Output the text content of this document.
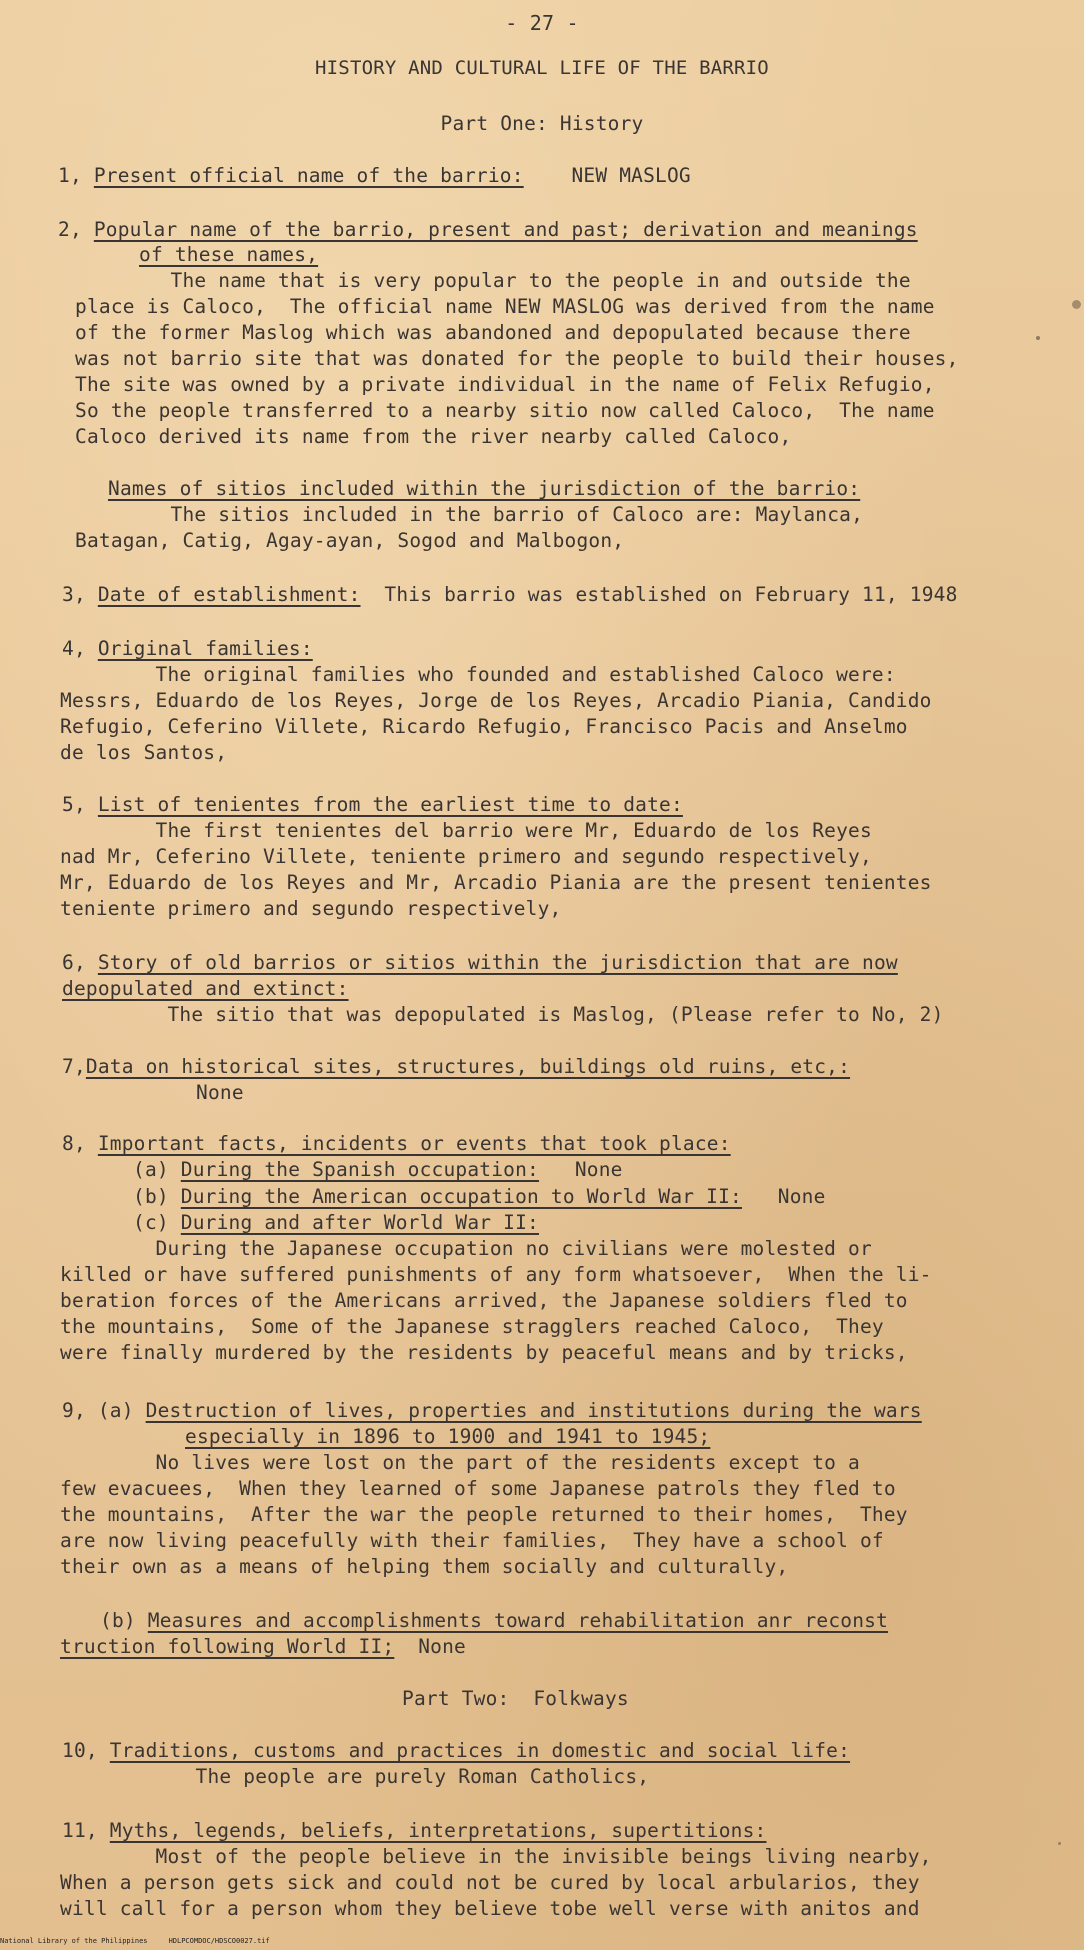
- 27 -
HISTORY AND CULTURAL LIFE OF THE BARRIO
Part One: History
1, Present official name of the barrio: NEW MASLOG
2, Popular name of the barrio, present and past; derivation and meanings
of these names,
The name that is very popular to the people in and outside the
place is Caloco,  The official name NEW MASLOG was derived from the name
of the former Maslog which was abandoned and depopulated because there
was not barrio site that was donated for the people to build their houses,
The site was owned by a private individual in the name of Felix Refugio,
So the people transferred to a nearby sitio now called Caloco,  The name
Caloco derived its name from the river nearby called Caloco,
Names of sitios included within the jurisdiction of the barrio:
The sitios included in the barrio of Caloco are: Maylanca,
Batagan, Catig, Agay-ayan, Sogod and Malbogon,
3, Date of establishment: This barrio was established on February 11, 1948
4, Original families:
The original families who founded and established Caloco were:
Messrs, Eduardo de los Reyes, Jorge de los Reyes, Arcadio Piania, Candido
Refugio, Ceferino Villete, Ricardo Refugio, Francisco Pacis and Anselmo
de los Santos,
5, List of tenientes from the earliest time to date:
The first tenientes del barrio were Mr, Eduardo de los Reyes
nad Mr, Ceferino Villete, teniente primero and segundo respectively,
Mr, Eduardo de los Reyes and Mr, Arcadio Piania are the present tenientes
teniente primero and segundo respectively,
6, Story of old barrios or sitios within the jurisdiction that are now
depopulated and extinct:
The sitio that was depopulated is Maslog, (Please refer to No, 2)
7,Data on historical sites, structures, buildings old ruins, etc,:
None
8, Important facts, incidents or events that took place:
(a) During the Spanish occupation: None
(b) During the American occupation to World War II: None
(c) During and after World War II:
During the Japanese occupation no civilians were molested or
killed or have suffered punishments of any form whatsoever,  When the li-
beration forces of the Americans arrived, the Japanese soldiers fled to
the mountains,  Some of the Japanese stragglers reached Caloco,  They
were finally murdered by the residents by peaceful means and by tricks,
9, (a) Destruction of lives, properties and institutions during the wars
especially in 1896 to 1900 and 1941 to 1945;
No lives were lost on the part of the residents except to a
few evacuees,  When they learned of some Japanese patrols they fled to
the mountains,  After the war the people returned to their homes,  They
are now living peacefully with their families,  They have a school of
their own as a means of helping them socially and culturally,
(b) Measures and accomplishments toward rehabilitation anr reconst
truction following World II; None
Part Two:  Folkways
10, Traditions, customs and practices in domestic and social life:
The people are purely Roman Catholics,
11, Myths, legends, beliefs, interpretations, supertitions:
Most of the people believe in the invisible beings living nearby,
When a person gets sick and could not be cured by local arbularios, they
will call for a person whom they believe tobe well verse with anitos and
National Library of the Philippines     HDLPCOMDOC/HDSCO0027.tif
